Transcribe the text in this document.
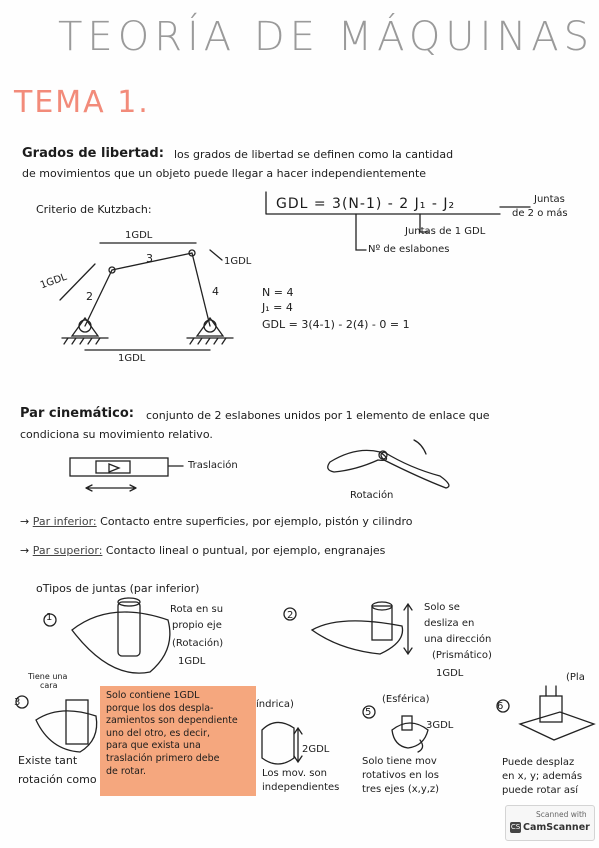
TEORÍA DE MÁQUINAS
TEMA 1.
Grados de libertad: los grados de libertad se definen como la cantidad
de movimientos que un objeto puede llegar a hacer independientemente
Criterio de Kutzbach:	GDL = 3(N-1) - 2 J₁ - J₂	Juntas
de 2 o más
Juntas de 1 GDL
Nº de eslabones
N = 4
J₁ = 4
GDL = 3(4-1) - 2(4) - 0 = 1
1GDL
1GDL
1GDL
1GDL
2
3
4
Par cinemático: conjunto de 2 eslabones unidos por 1 elemento de enlace que
condiciona su movimiento relativo.
Traslación
Rotación
→ Par inferior: Contacto entre superficies, por ejemplo, pistón y cilindro
→ Par superior: Contacto lineal o puntual, por ejemplo, engranajes
oTipos de juntas (par inferior)
1
Rota en su
propio eje
(Rotación)
1GDL
2
Solo se
desliza en
una dirección
(Prismático)
1GDL
Tiene una
cara
3
Existe tant
rotación como
índrica)
2GDL
Los mov. son
independientes
(Esférica)
5
3GDL
Solo tiene mov
rotativos en los
tres ejes (x,y,z)
(Pla
6
Puede desplaz
en x, y; además
puede rotar así
Solo contiene 1GDL
porque los dos despla-
zamientos son dependiente
uno del otro, es decir,
para que exista una
traslación primero debe
de rotar.
Scanned with
CS CamScanner
